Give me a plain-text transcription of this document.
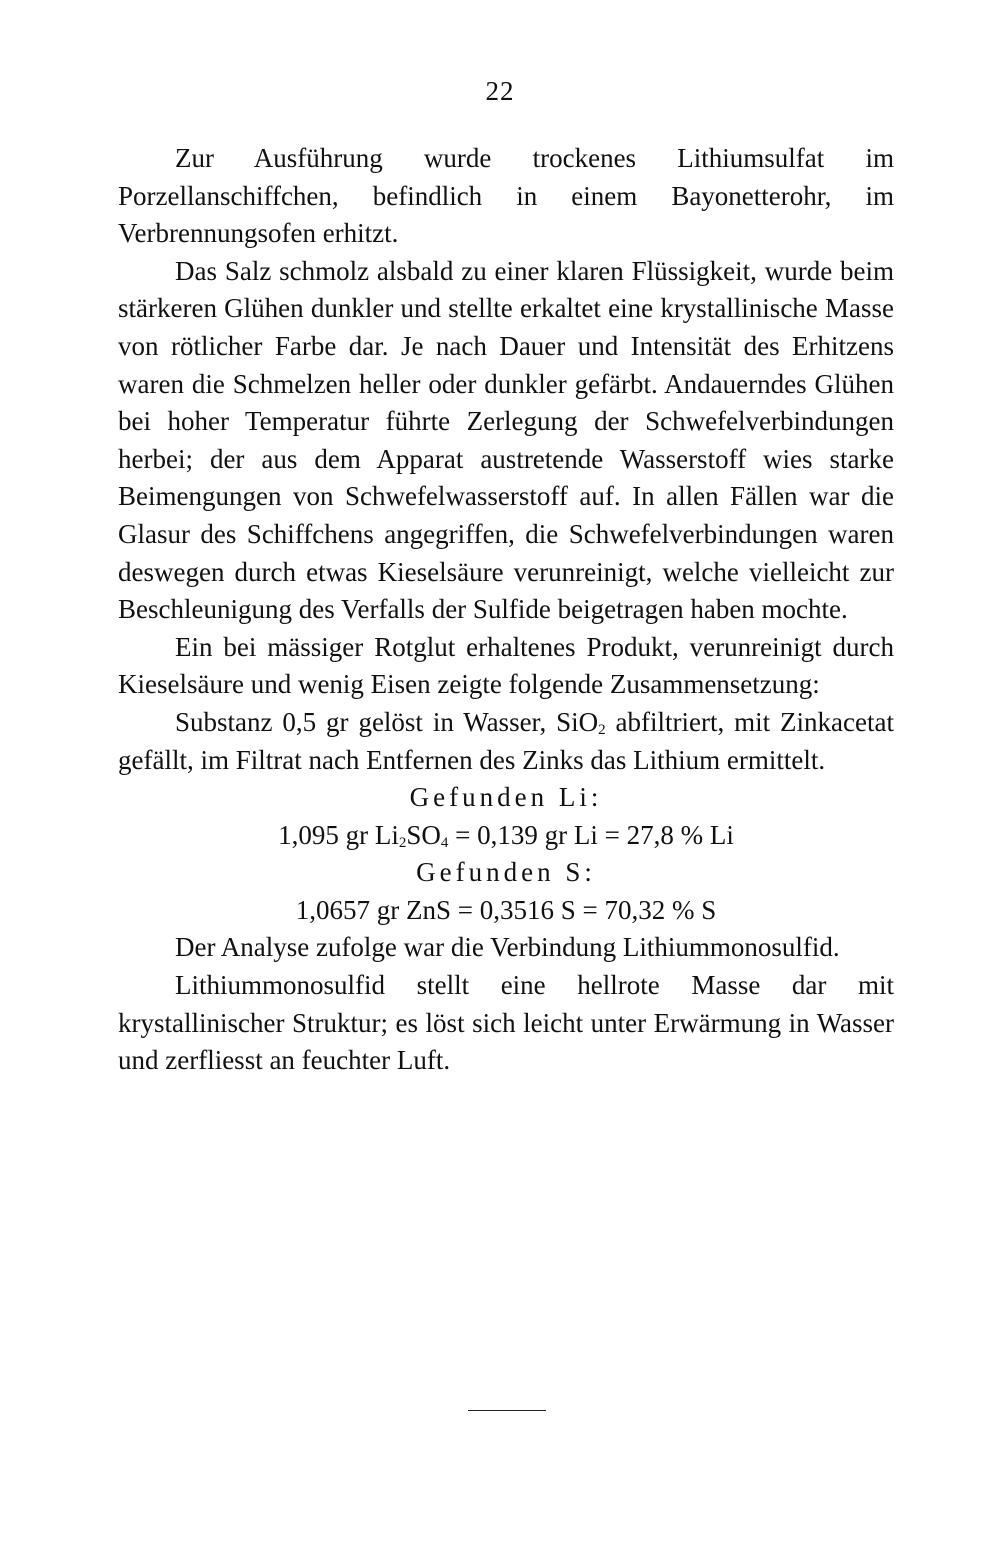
22

Zur Ausführung wurde trockenes Lithiumsulfat im Porzellanschiffchen, befindlich in einem Bayonetterohr, im Verbrennungsofen erhitzt.

Das Salz schmolz alsbald zu einer klaren Flüssigkeit, wurde beim stärkeren Glühen dunkler und stellte erkaltet eine krystallinische Masse von rötlicher Farbe dar. Je nach Dauer und Intensität des Erhitzens waren die Schmelzen heller oder dunkler gefärbt. Andauerndes Glühen bei hoher Temperatur führte Zerlegung der Schwefelverbindungen herbei; der aus dem Apparat austretende Wasserstoff wies starke Beimengungen von Schwefelwasserstoff auf. In allen Fällen war die Glasur des Schiffchens angegriffen, die Schwefelverbindungen waren deswegen durch etwas Kieselsäure verunreinigt, welche vielleicht zur Beschleunigung des Verfalls der Sulfide beigetragen haben mochte.

Ein bei mässiger Rotglut erhaltenes Produkt, verunreinigt durch Kieselsäure und wenig Eisen zeigte folgende Zusammensetzung:

Substanz 0,5 gr gelöst in Wasser, SiO$_2$ abfiltriert, mit Zinkacetat gefällt, im Filtrat nach Entfernen des Zinks das Lithium ermittelt.

Gefunden Li:

1,095 gr $Li_2SO_4 = 0,139$ gr Li = 27,8 % Li

Gefunden S:

1,0657 gr ZnS = 0,3516 S = 70,32 % S

Der Analyse zufolge war die Verbindung Lithiummonosulfid.

Lithiummonosulfid stellt eine hellrote Masse dar mit krystallinischer Struktur; es löst sich leicht unter Erwärmung in Wasser und zerfliesst an feuchter Luft.
